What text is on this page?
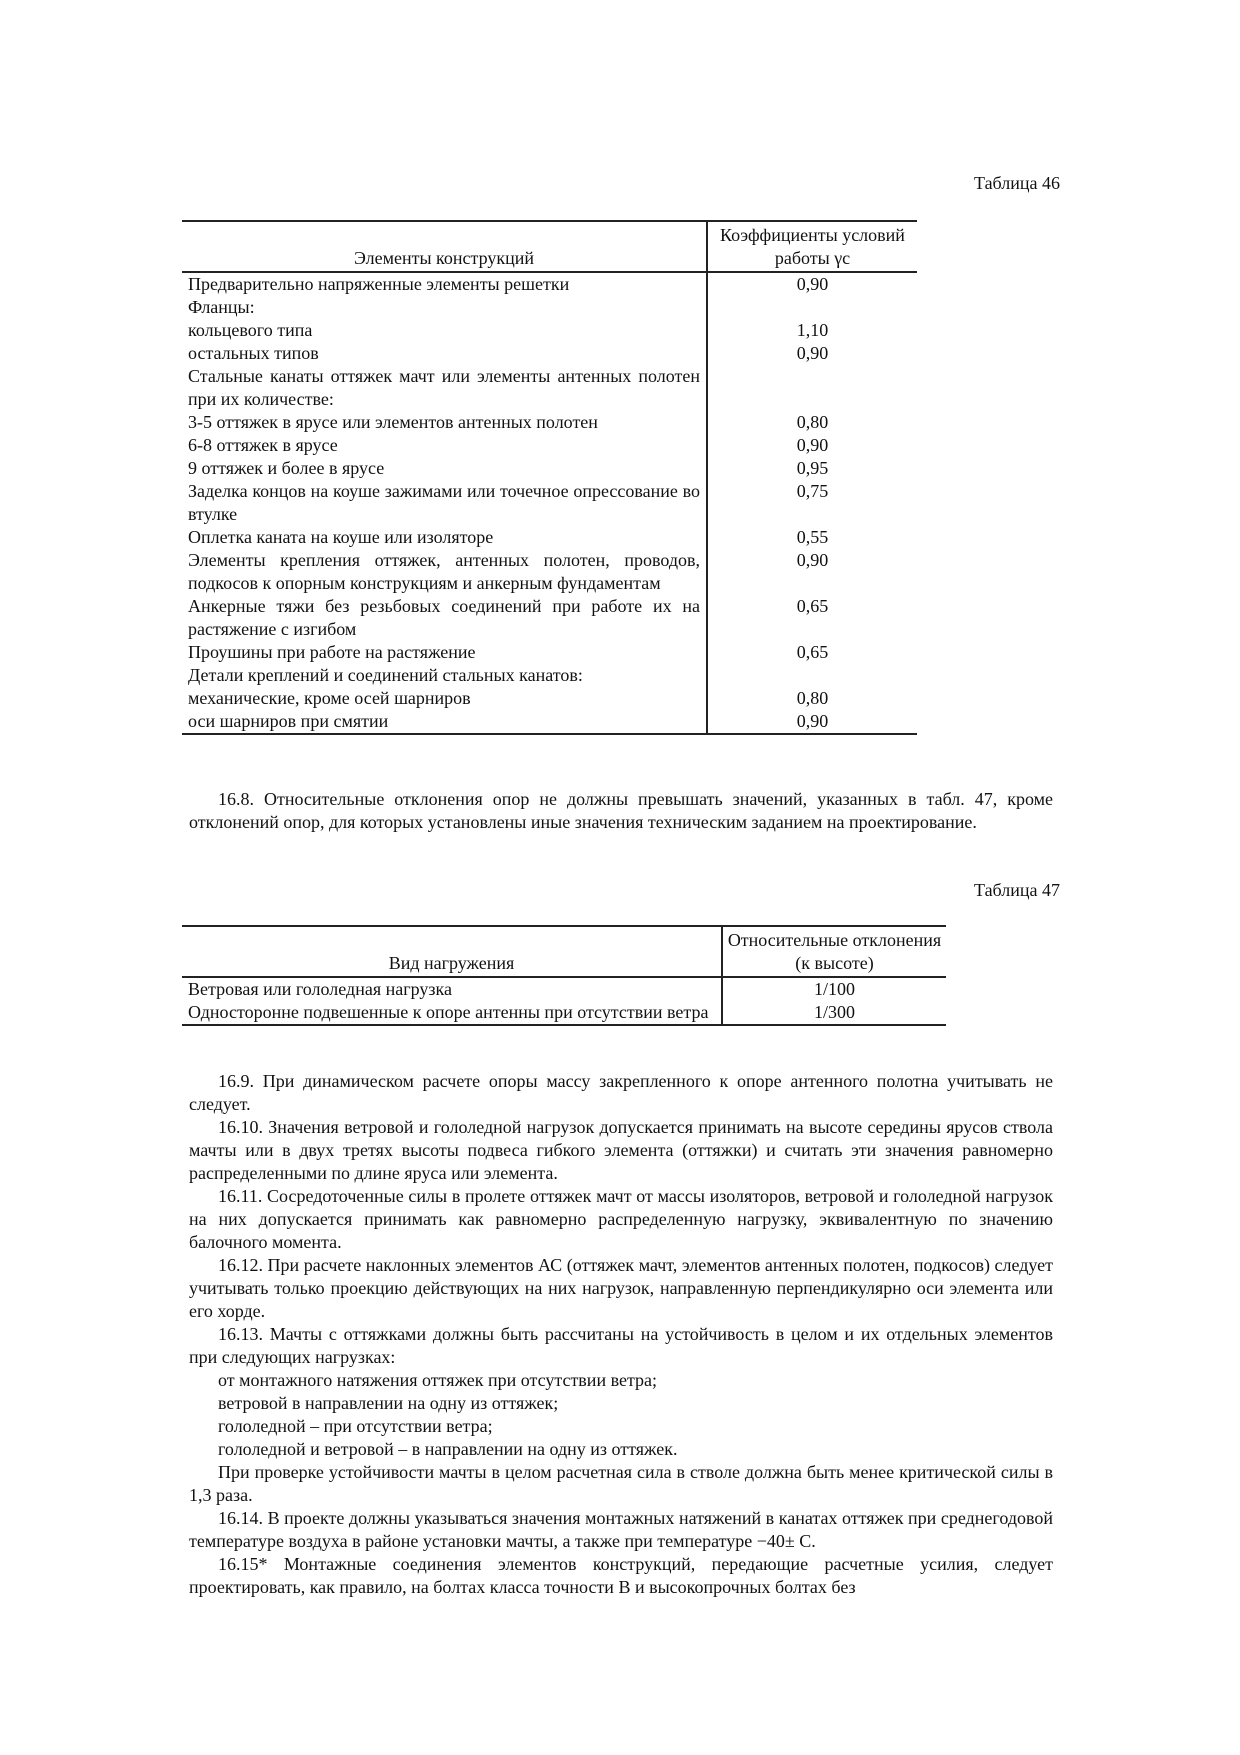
Таблица 46
Элементы конструкций	Коэффициенты условий работы γc
Предварительно напряженные элементы решетки	0,90
Фланцы:	
кольцевого типа	1,10
остальных типов	0,90
Стальные канаты оттяжек мачт или элементы антенных полотен при их количестве:	
3-5 оттяжек в ярусе или элементов антенных полотен	0,80
6-8 оттяжек в ярусе	0,90
9 оттяжек и более в ярусе	0,95
Заделка концов на коуше зажимами или точечное опрессование во втулке	0,75
Оплетка каната на коуше или изоляторе	0,55
Элементы крепления оттяжек, антенных полотен, проводов, подкосов к опорным конструкциям и анкерным фундаментам	0,90
Анкерные тяжи без резьбовых соединений при работе их на растяжение с изгибом	0,65
Проушины при работе на растяжение	0,65
Детали креплений и соединений стальных канатов:	
механические, кроме осей шарниров	0,80
оси шарниров при смятии	0,90

16.8. Относительные отклонения опор не должны превышать значений, указанных в табл. 47, кроме отклонений опор, для которых установлены иные значения техническим заданием на проектирование.

Таблица 47
Вид нагружения	Относительные отклонения (к высоте)
Ветровая или гололедная нагрузка	1/100
Односторонне подвешенные к опоре антенны при отсутствии ветра	1/300

16.9. При динамическом расчете опоры массу закрепленного к опоре антенного полотна учитывать не следует.

16.10. Значения ветровой и гололедной нагрузок допускается принимать на высоте середины ярусов ствола мачты или в двух третях высоты подвеса гибкого элемента (оттяжки) и считать эти значения равномерно распределенными по длине яруса или элемента.

16.11. Сосредоточенные силы в пролете оттяжек мачт от массы изоляторов, ветровой и гололедной нагрузок на них допускается принимать как равномерно распределенную нагрузку, эквивалентную по значению балочного момента.

16.12. При расчете наклонных элементов АС (оттяжек мачт, элементов антенных полотен, подкосов) следует учитывать только проекцию действующих на них нагрузок, направленную перпендикулярно оси элемента или его хорде.

16.13. Мачты с оттяжками должны быть рассчитаны на устойчивость в целом и их отдельных элементов при следующих нагрузках:

от монтажного натяжения оттяжек при отсутствии ветра;

ветровой в направлении на одну из оттяжек;

гололедной – при отсутствии ветра;

гололедной и ветровой – в направлении на одну из оттяжек.

При проверке устойчивости мачты в целом расчетная сила в стволе должна быть менее критической силы в 1,3 раза.

16.14. В проекте должны указываться значения монтажных натяжений в канатах оттяжек при среднегодовой температуре воздуха в районе установки мачты, а также при температуре −40± С.

16.15* Монтажные соединения элементов конструкций, передающие расчетные усилия, следует проектировать, как правило, на болтах класса точности В и высокопрочных болтах без
